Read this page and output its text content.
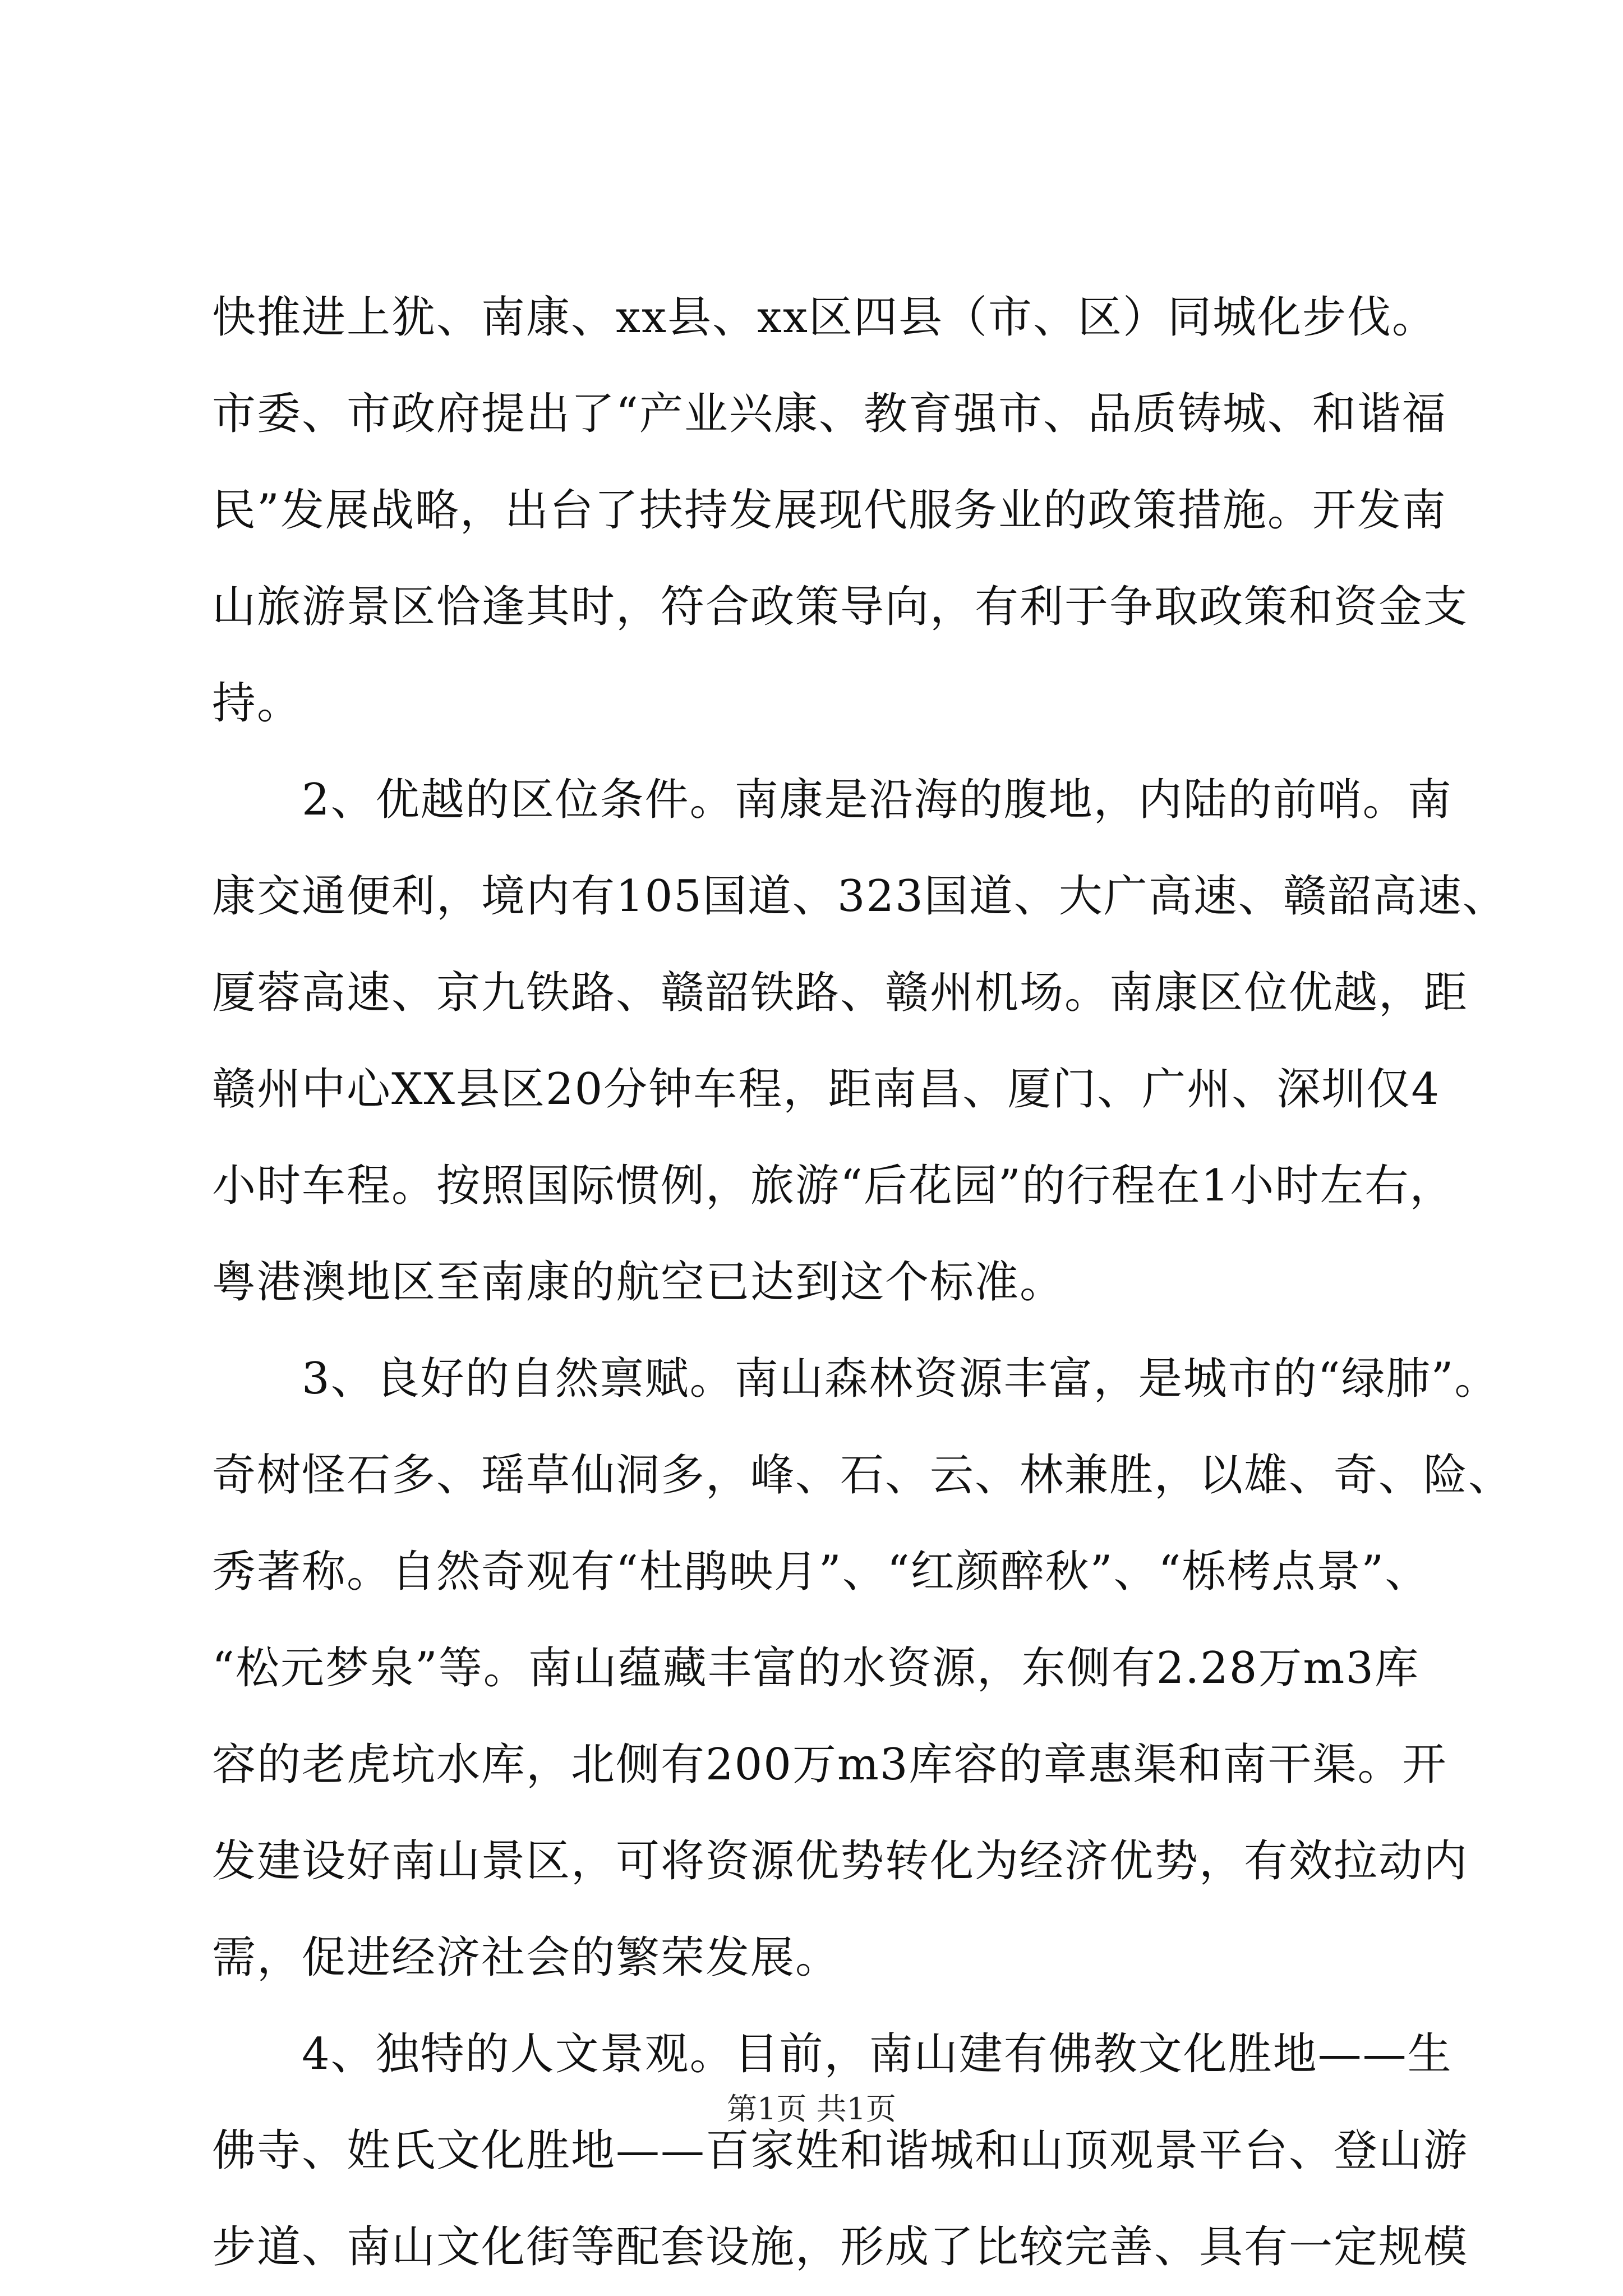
快推进上犹、南康、xx县、xx区四县（市、区）同城化步伐。
市委、市政府提出了“产业兴康、教育强市、品质铸城、和谐福
民”发展战略，出台了扶持发展现代服务业的政策措施。开发南
山旅游景区恰逢其时，符合政策导向，有利于争取政策和资金支
持。
2、优越的区位条件。南康是沿海的腹地，内陆的前哨。南
康交通便利，境内有105国道、323国道、大广高速、赣韶高速、
厦蓉高速、京九铁路、赣韶铁路、赣州机场。南康区位优越，距
赣州中心XX县区20分钟车程，距南昌、厦门、广州、深圳仅4
小时车程。按照国际惯例，旅游“后花园”的行程在1小时左右，
粤港澳地区至南康的航空已达到这个标准。
3、良好的自然禀赋。南山森林资源丰富，是城市的“绿肺”。
奇树怪石多、瑶草仙洞多，峰、石、云、林兼胜，以雄、奇、险、
秀著称。自然奇观有“杜鹃映月”、“红颜醉秋”、“栎栲点景”、
“松元梦泉”等。南山蕴藏丰富的水资源，东侧有2.28万m3库
容的老虎坑水库，北侧有200万m3库容的章惠渠和南干渠。开
发建设好南山景区，可将资源优势转化为经济优势，有效拉动内
需，促进经济社会的繁荣发展。
4、独特的人文景观。目前，南山建有佛教文化胜地——生
佛寺、姓氏文化胜地——百家姓和谐城和山顶观景平台、登山游
步道、南山文化街等配套设施，形成了比较完善、具有一定规模
第1页 共1页
